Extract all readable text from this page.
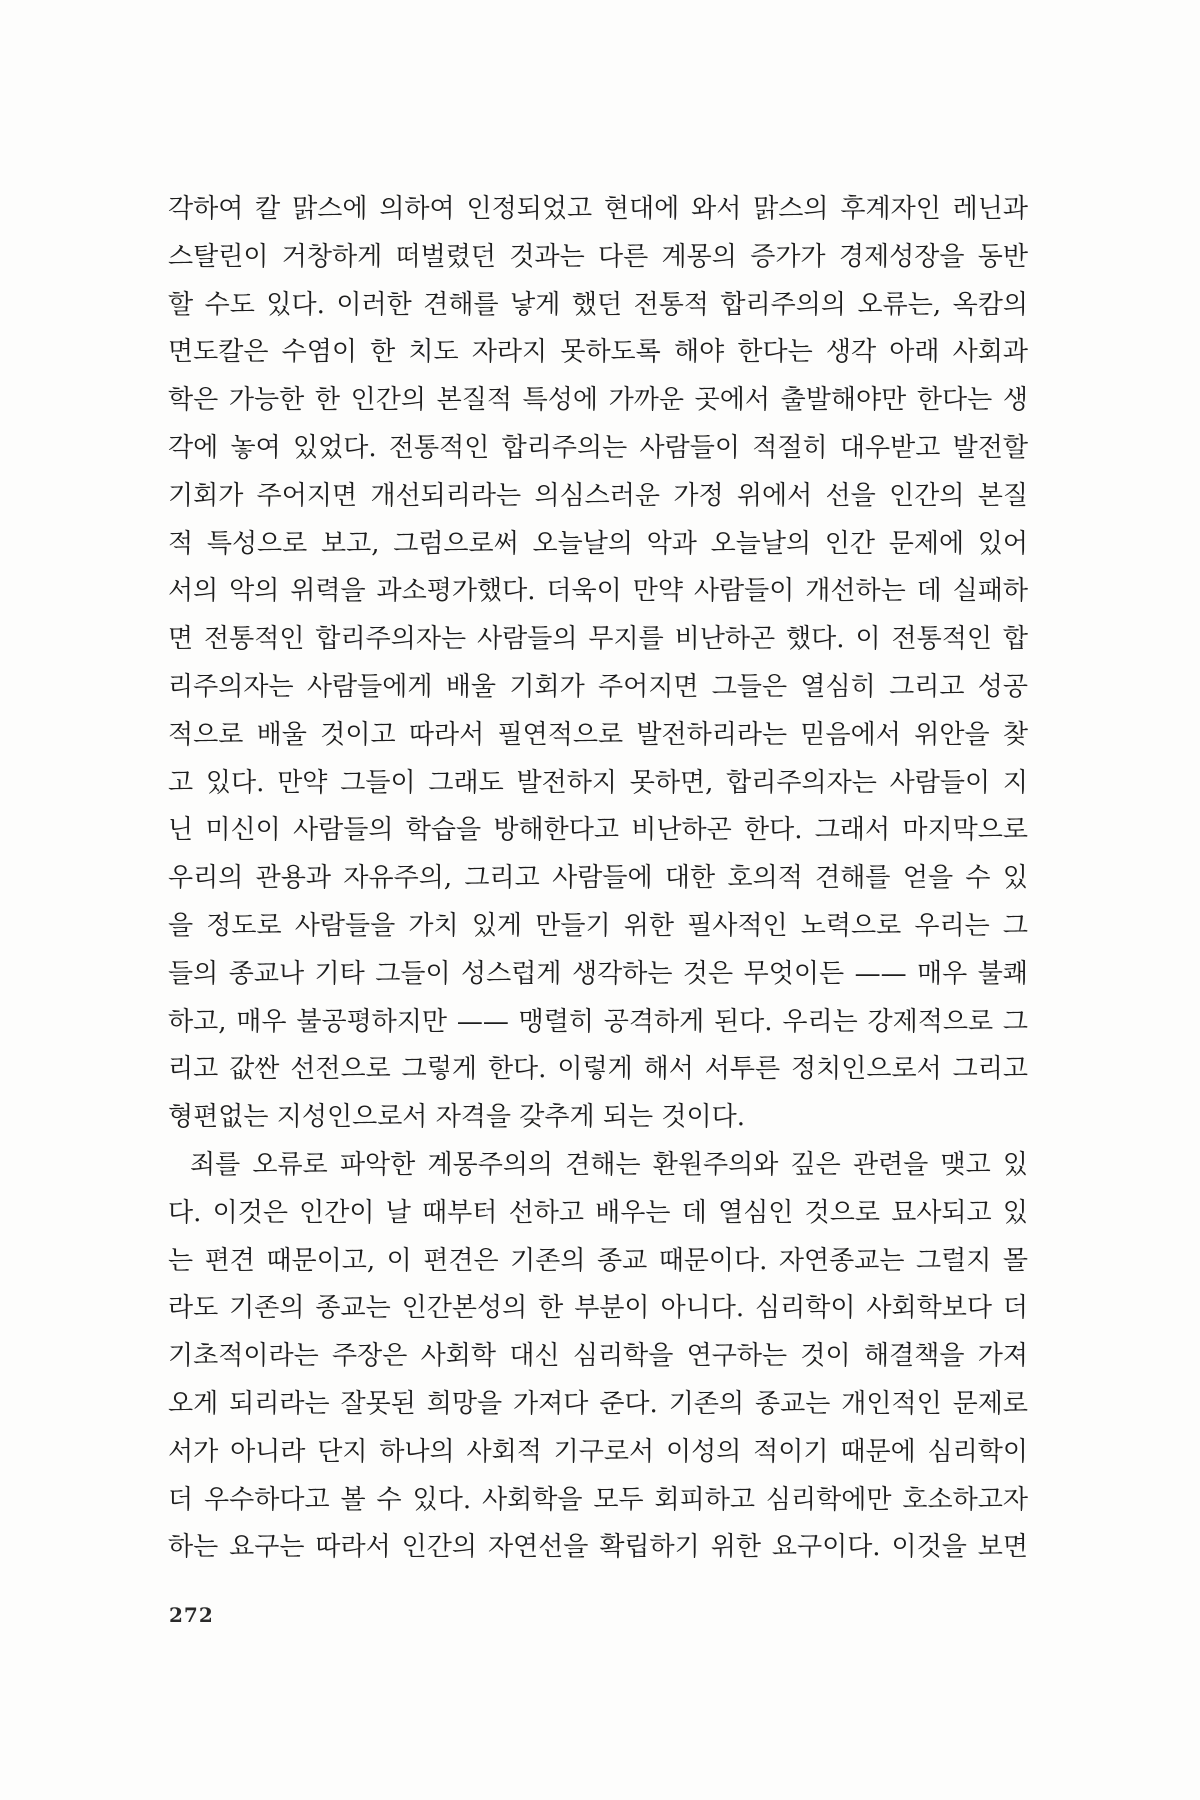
각하여 칼 맑스에 의하여 인정되었고 현대에 와서 맑스의 후계자인 레닌과
스탈린이 거창하게 떠벌렸던 것과는 다른 계몽의 증가가 경제성장을 동반
할 수도 있다. 이러한 견해를 낳게 했던 전통적 합리주의의 오류는, 옥캄의
면도칼은 수염이 한 치도 자라지 못하도록 해야 한다는 생각 아래 사회과
학은 가능한 한 인간의 본질적 특성에 가까운 곳에서 출발해야만 한다는 생
각에 놓여 있었다. 전통적인 합리주의는 사람들이 적절히 대우받고 발전할
기회가 주어지면 개선되리라는 의심스러운 가정 위에서 선을 인간의 본질
적 특성으로 보고, 그럼으로써 오늘날의 악과 오늘날의 인간 문제에 있어
서의 악의 위력을 과소평가했다. 더욱이 만약 사람들이 개선하는 데 실패하
면 전통적인 합리주의자는 사람들의 무지를 비난하곤 했다. 이 전통적인 합
리주의자는 사람들에게 배울 기회가 주어지면 그들은 열심히 그리고 성공
적으로 배울 것이고 따라서 필연적으로 발전하리라는 믿음에서 위안을 찾
고 있다. 만약 그들이 그래도 발전하지 못하면, 합리주의자는 사람들이 지
닌 미신이 사람들의 학습을 방해한다고 비난하곤 한다. 그래서 마지막으로
우리의 관용과 자유주의, 그리고 사람들에 대한 호의적 견해를 얻을 수 있
을 정도로 사람들을 가치 있게 만들기 위한 필사적인 노력으로 우리는 그
들의 종교나 기타 그들이 성스럽게 생각하는 것은 무엇이든 —— 매우 불쾌
하고, 매우 불공평하지만 —— 맹렬히 공격하게 된다. 우리는 강제적으로 그
리고 값싼 선전으로 그렇게 한다. 이렇게 해서 서투른 정치인으로서 그리고
형편없는 지성인으로서 자격을 갖추게 되는 것이다.
죄를 오류로 파악한 계몽주의의 견해는 환원주의와 깊은 관련을 맺고 있
다. 이것은 인간이 날 때부터 선하고 배우는 데 열심인 것으로 묘사되고 있
는 편견 때문이고, 이 편견은 기존의 종교 때문이다. 자연종교는 그럴지 몰
라도 기존의 종교는 인간본성의 한 부분이 아니다. 심리학이 사회학보다 더
기초적이라는 주장은 사회학 대신 심리학을 연구하는 것이 해결책을 가져
오게 되리라는 잘못된 희망을 가져다 준다. 기존의 종교는 개인적인 문제로
서가 아니라 단지 하나의 사회적 기구로서 이성의 적이기 때문에 심리학이
더 우수하다고 볼 수 있다. 사회학을 모두 회피하고 심리학에만 호소하고자
하는 요구는 따라서 인간의 자연선을 확립하기 위한 요구이다. 이것을 보면
272
